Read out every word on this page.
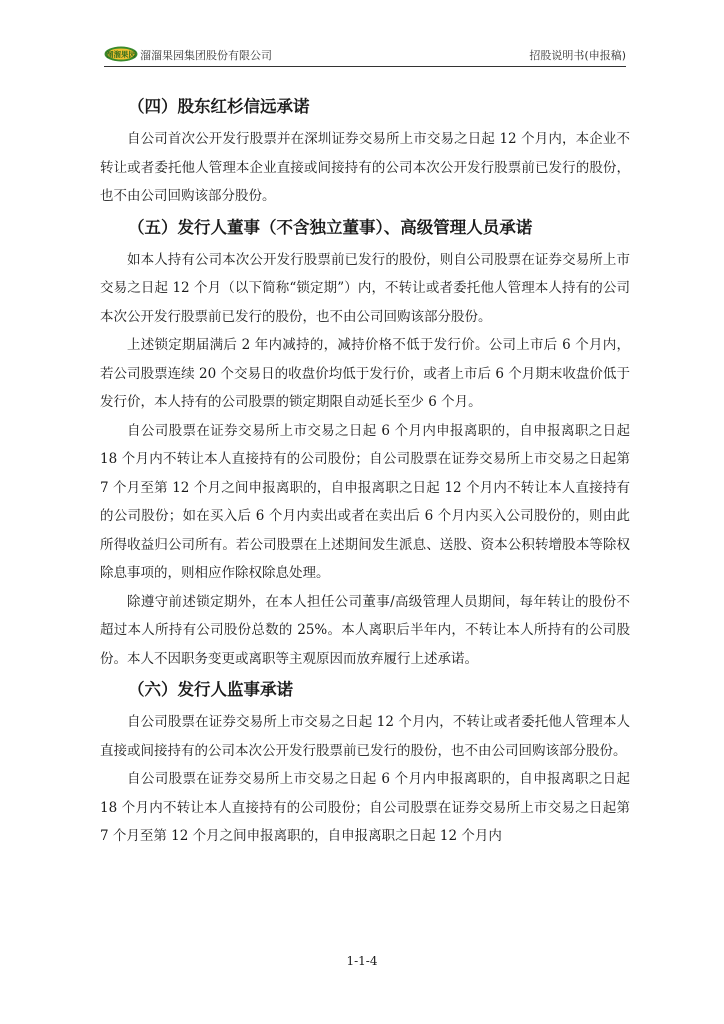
溜溜果园 溜溜果园集团股份有限公司	招股说明书(申报稿)
（四）股东红杉信远承诺

自公司首次公开发行股票并在深圳证券交易所上市交易之日起 12 个月内，本企业不转让或者委托他人管理本企业直接或间接持有的公司本次公开发行股票前已发行的股份，也不由公司回购该部分股份。

（五）发行人董事（不含独立董事）、高级管理人员承诺

如本人持有公司本次公开发行股票前已发行的股份，则自公司股票在证券交易所上市交易之日起 12 个月（以下简称“锁定期”）内，不转让或者委托他人管理本人持有的公司本次公开发行股票前已发行的股份，也不由公司回购该部分股份。

上述锁定期届满后 2 年内减持的，减持价格不低于发行价。公司上市后 6 个月内，若公司股票连续 20 个交易日的收盘价均低于发行价，或者上市后 6 个月期末收盘价低于发行价，本人持有的公司股票的锁定期限自动延长至少 6 个月。

自公司股票在证券交易所上市交易之日起 6 个月内申报离职的，自申报离职之日起 18 个月内不转让本人直接持有的公司股份；自公司股票在证券交易所上市交易之日起第 7 个月至第 12 个月之间申报离职的，自申报离职之日起 12 个月内不转让本人直接持有的公司股份；如在买入后 6 个月内卖出或者在卖出后 6 个月内买入公司股份的，则由此所得收益归公司所有。若公司股票在上述期间发生派息、送股、资本公积转增股本等除权除息事项的，则相应作除权除息处理。

除遵守前述锁定期外，在本人担任公司董事/高级管理人员期间，每年转让的股份不超过本人所持有公司股份总数的 25%。本人离职后半年内，不转让本人所持有的公司股份。本人不因职务变更或离职等主观原因而放弃履行上述承诺。

（六）发行人监事承诺

自公司股票在证券交易所上市交易之日起 12 个月内，不转让或者委托他人管理本人直接或间接持有的公司本次公开发行股票前已发行的股份，也不由公司回购该部分股份。

自公司股票在证券交易所上市交易之日起 6 个月内申报离职的，自申报离职之日起 18 个月内不转让本人直接持有的公司股份；自公司股票在证券交易所上市交易之日起第 7 个月至第 12 个月之间申报离职的，自申报离职之日起 12 个月内

1-1-4
